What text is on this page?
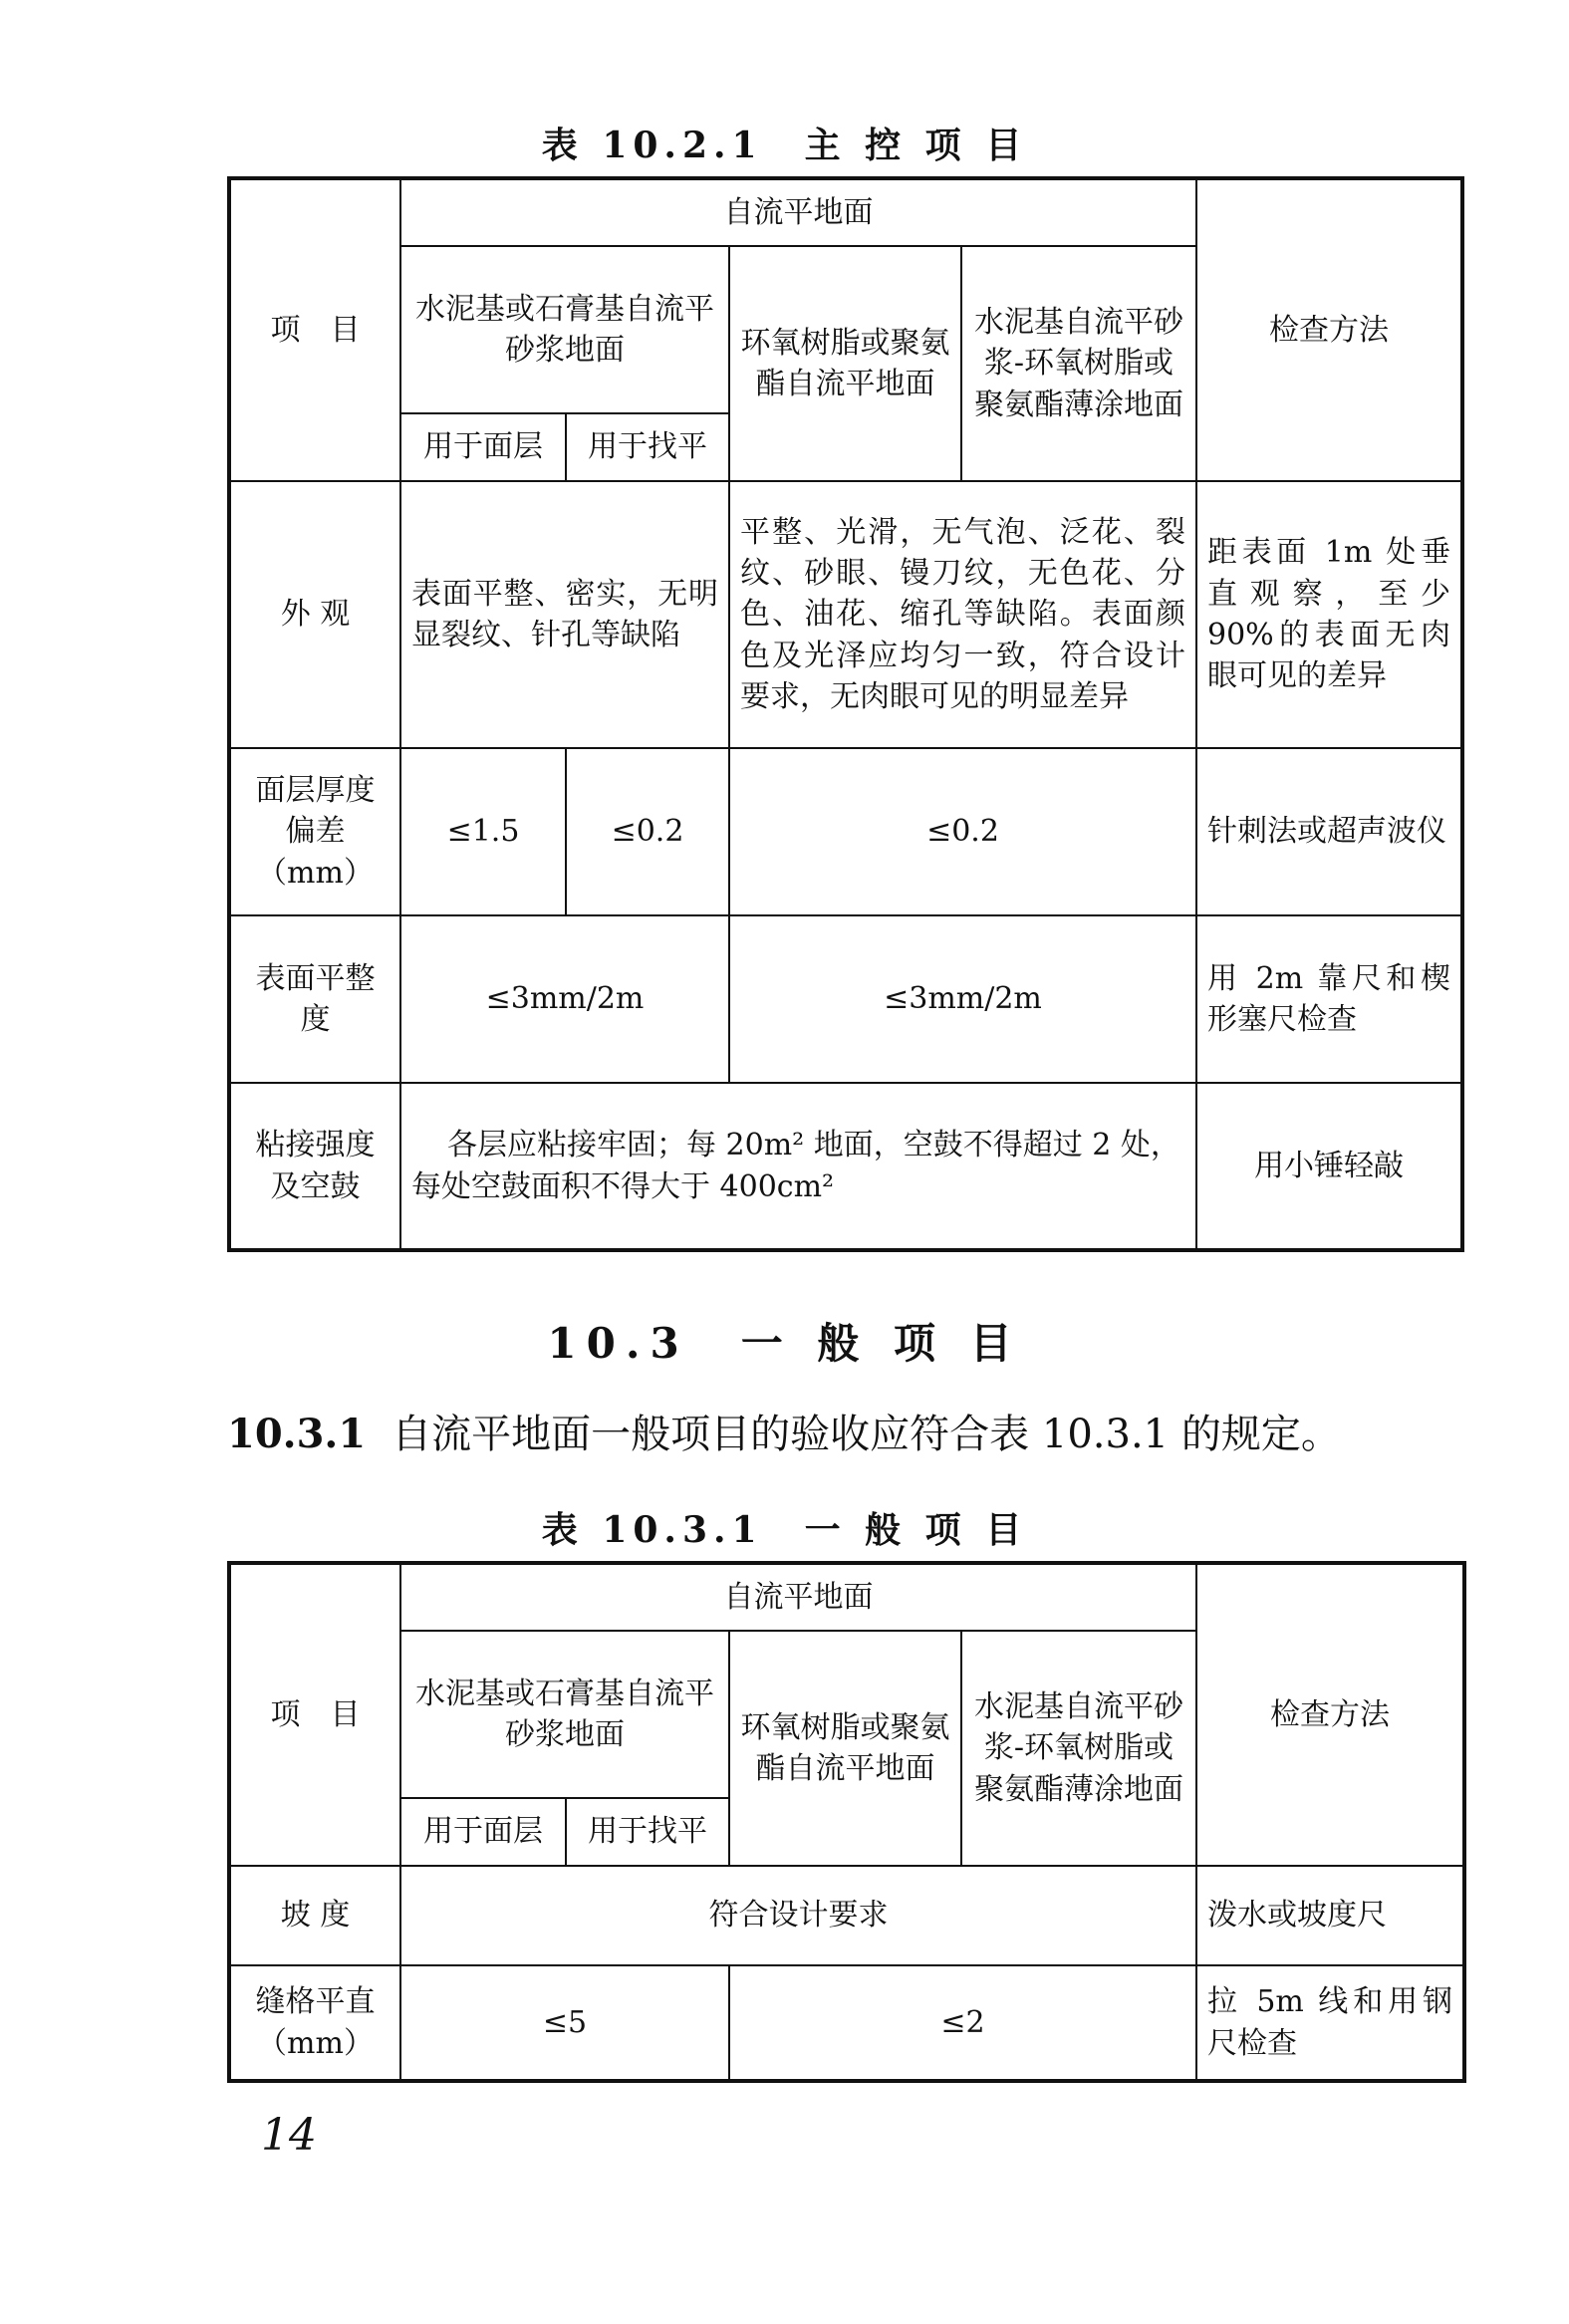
表 10.2.1　主 控 项 目
项　目	自流平地面				检查方法
	水泥基或石膏基自流平砂浆地面		环氧树脂或聚氨酯自流平地面	水泥基自流平砂浆-环氧树脂或聚氨酯薄涂地面	
	用于面层	用于找平			
外 观	表面平整、密实，无明显裂纹、针孔等缺陷		平整、光滑，无气泡、泛花、裂纹、砂眼、镘刀纹，无色花、分色、油花、缩孔等缺陷。表面颜色及光泽应均匀一致，符合设计要求，无肉眼可见的明显差异		距表面 1m 处垂直观察，至少 90%的表面无肉眼可见的差异
面层厚度偏差（mm）	≤1.5	≤0.2	≤0.2		针刺法或超声波仪
表面平整度	≤3mm/2m		≤3mm/2m		用 2m 靠尺和楔形塞尺检查
粘接强度及空鼓	各层应粘接牢固；每 20m² 地面，空鼓不得超过 2 处，每处空鼓面积不得大于 400cm²				用小锤轻敲
10.3　一 般 项 目
10.3.1 自流平地面一般项目的验收应符合表 10.3.1 的规定。
表 10.3.1　一 般 项 目
项　目	自流平地面				检查方法
	水泥基或石膏基自流平砂浆地面		环氧树脂或聚氨酯自流平地面	水泥基自流平砂浆-环氧树脂或聚氨酯薄涂地面	
	用于面层	用于找平			
坡 度	符合设计要求				泼水或坡度尺
缝格平直（mm）	≤5		≤2		拉 5m 线和用钢尺检查
14
